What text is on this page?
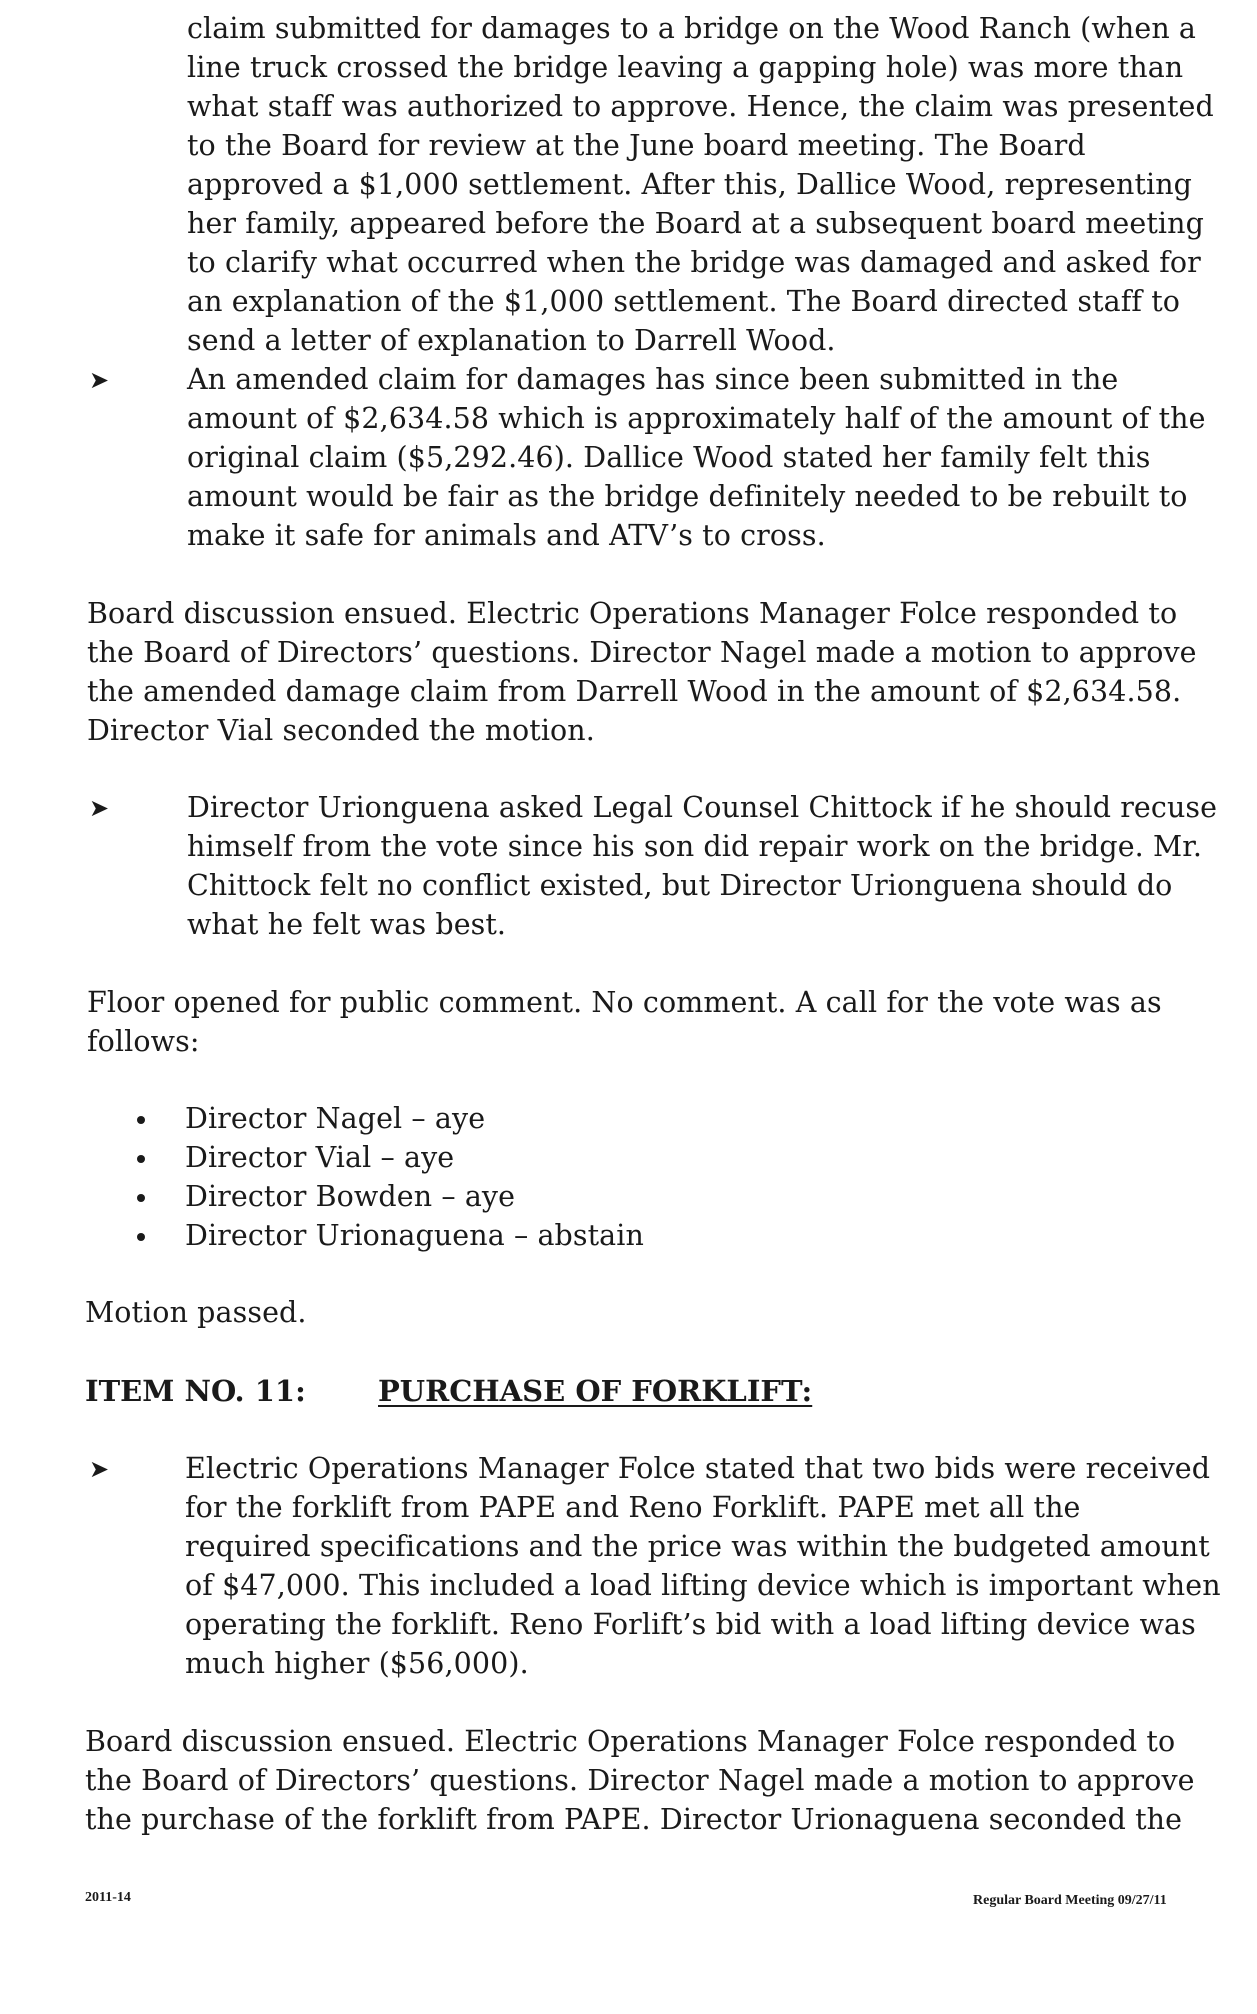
claim submitted for damages to a bridge on the Wood Ranch (when a
line truck crossed the bridge leaving a gapping hole) was more than
what staff was authorized to approve. Hence, the claim was presented
to the Board for review at the June board meeting. The Board
approved a $1,000 settlement. After this, Dallice Wood, representing
her family, appeared before the Board at a subsequent board meeting
to clarify what occurred when the bridge was damaged and asked for
an explanation of the $1,000 settlement. The Board directed staff to
send a letter of explanation to Darrell Wood.
➤	An amended claim for damages has since been submitted in the
amount of $2,634.58 which is approximately half of the amount of the
original claim ($5,292.46). Dallice Wood stated her family felt this
amount would be fair as the bridge definitely needed to be rebuilt to
make it safe for animals and ATV’s to cross.
Board discussion ensued. Electric Operations Manager Folce responded to
the Board of Directors’ questions. Director Nagel made a motion to approve
the amended damage claim from Darrell Wood in the amount of $2,634.58.
Director Vial seconded the motion.
➤	Director Urionguena asked Legal Counsel Chittock if he should recuse
himself from the vote since his son did repair work on the bridge. Mr.
Chittock felt no conflict existed, but Director Urionguena should do
what he felt was best.
Floor opened for public comment. No comment. A call for the vote was as
follows:
Director Nagel – aye
Director Vial – aye
Director Bowden – aye
Director Urionaguena – abstain
Motion passed.
ITEM NO. 11: PURCHASE OF FORKLIFT:
➤	Electric Operations Manager Folce stated that two bids were received
for the forklift from PAPE and Reno Forklift. PAPE met all the
required specifications and the price was within the budgeted amount
of $47,000. This included a load lifting device which is important when
operating the forklift. Reno Forlift’s bid with a load lifting device was
much higher ($56,000).
Board discussion ensued. Electric Operations Manager Folce responded to
the Board of Directors’ questions. Director Nagel made a motion to approve
the purchase of the forklift from PAPE. Director Urionaguena seconded the
2011-14	Regular Board Meeting 09/27/11
